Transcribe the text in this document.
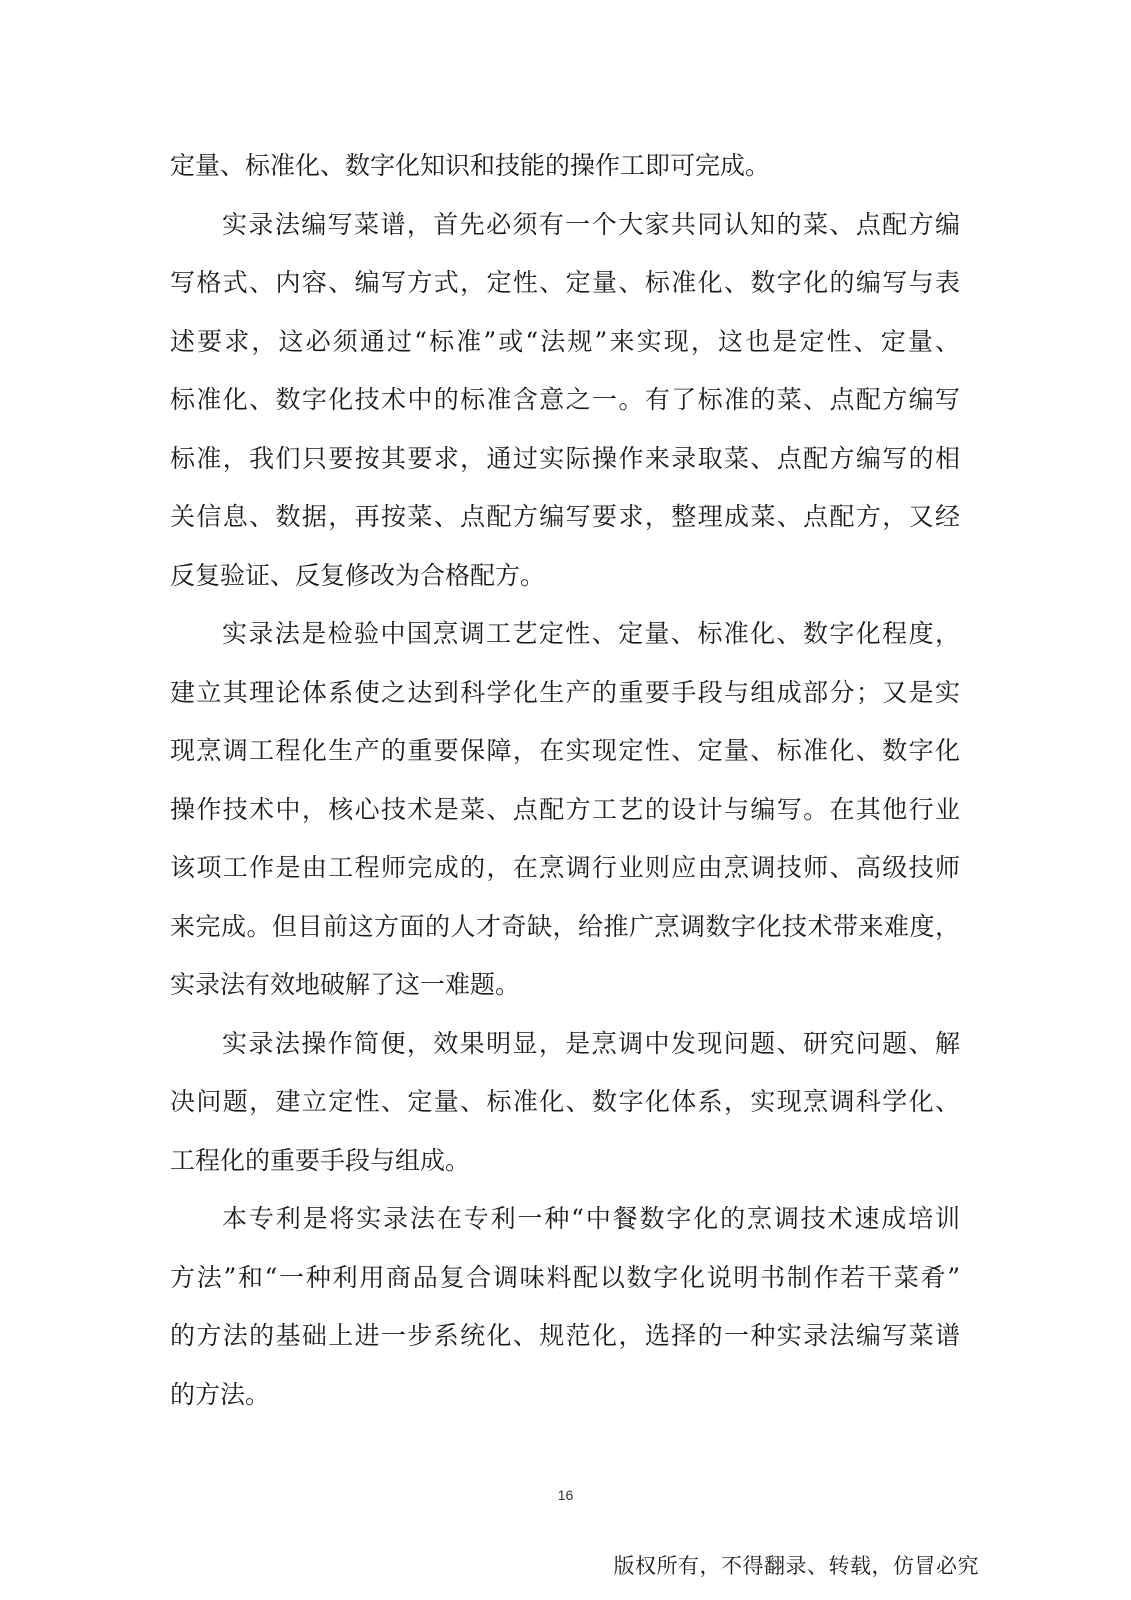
定量、标准化、数字化知识和技能的操作工即可完成。
实录法编写菜谱，首先必须有一个大家共同认知的菜、点配方编
写格式、内容、编写方式，定性、定量、标准化、数字化的编写与表
述要求，这必须通过“标准”或“法规”来实现，这也是定性、定量、
标准化、数字化技术中的标准含意之一。有了标准的菜、点配方编写
标准，我们只要按其要求，通过实际操作来录取菜、点配方编写的相
关信息、数据，再按菜、点配方编写要求，整理成菜、点配方，又经
反复验证、反复修改为合格配方。
实录法是检验中国烹调工艺定性、定量、标准化、数字化程度，
建立其理论体系使之达到科学化生产的重要手段与组成部分；又是实
现烹调工程化生产的重要保障，在实现定性、定量、标准化、数字化
操作技术中，核心技术是菜、点配方工艺的设计与编写。在其他行业
该项工作是由工程师完成的，在烹调行业则应由烹调技师、高级技师
来完成。但目前这方面的人才奇缺，给推广烹调数字化技术带来难度，
实录法有效地破解了这一难题。
实录法操作简便，效果明显，是烹调中发现问题、研究问题、解
决问题，建立定性、定量、标准化、数字化体系，实现烹调科学化、
工程化的重要手段与组成。
本专利是将实录法在专利一种“中餐数字化的烹调技术速成培训
方法”和“一种利用商品复合调味料配以数字化说明书制作若干菜肴”
的方法的基础上进一步系统化、规范化，选择的一种实录法编写菜谱
的方法。
16
版权所有，不得翻录、转载，仿冒必究
